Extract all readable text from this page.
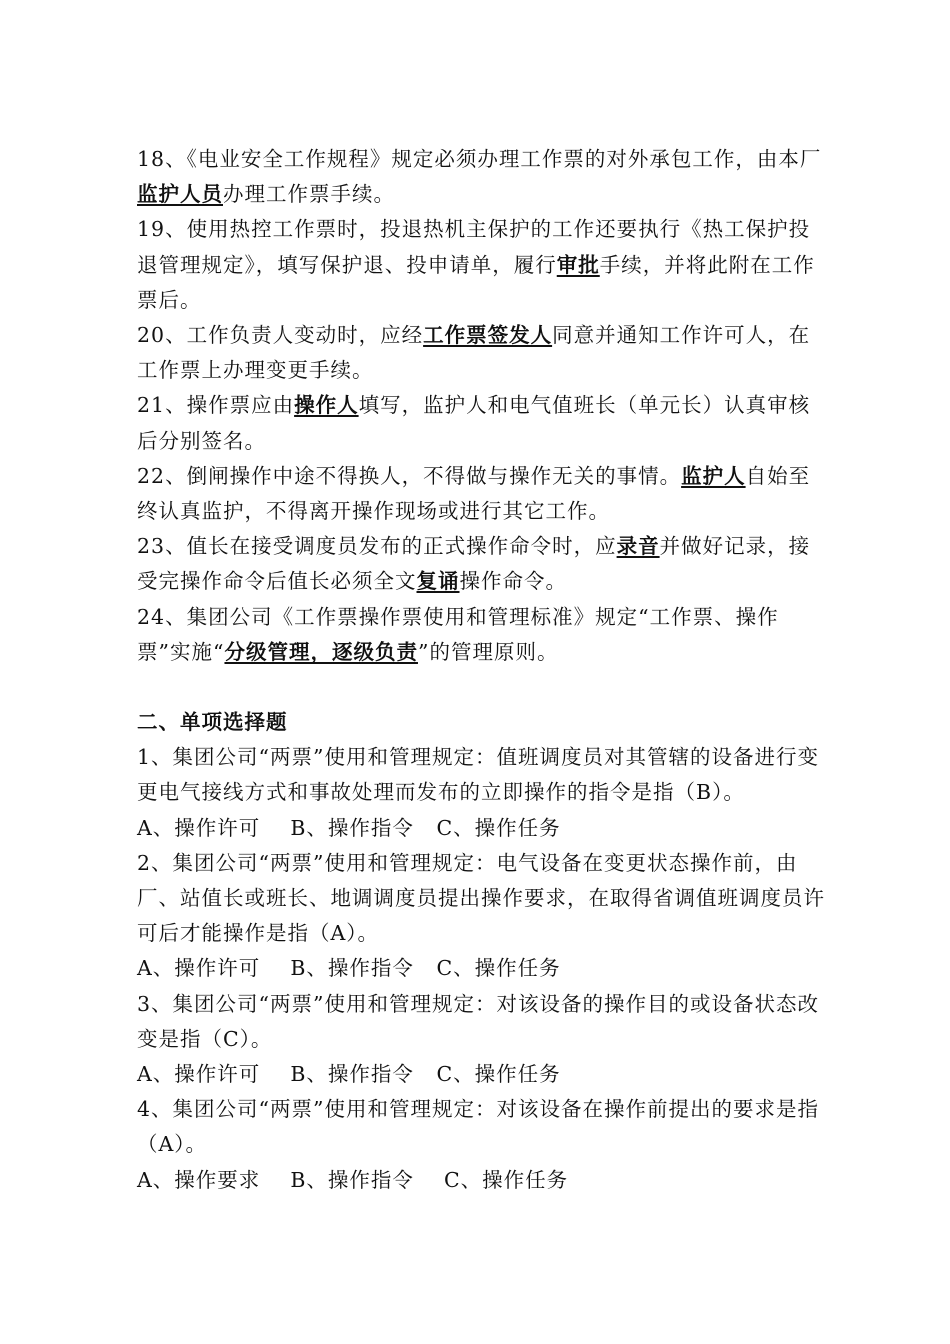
18、《电业安全工作规程》规定必须办理工作票的对外承包工作，由本厂监护人员办理工作票手续。

19、使用热控工作票时，投退热机主保护的工作还要执行《热工保护投退管理规定》，填写保护退、投申请单，履行审批手续，并将此附在工作票后。

20、工作负责人变动时，应经工作票签发人同意并通知工作许可人，在工作票上办理变更手续。

21、操作票应由操作人填写，监护人和电气值班长（单元长）认真审核后分别签名。

22、倒闸操作中途不得换人，不得做与操作无关的事情。监护人自始至终认真监护，不得离开操作现场或进行其它工作。

23、值长在接受调度员发布的正式操作命令时，应录音并做好记录，接受完操作命令后值长必须全文复诵操作命令。

24、集团公司《工作票操作票使用和管理标准》规定“工作票、操作票”实施“分级管理，逐级负责”的管理原则。

二、单项选择题

1、集团公司“两票”使用和管理规定：值班调度员对其管辖的设备进行变更电气接线方式和事故处理而发布的立即操作的指令是指（B）。

A、操作许可    B、操作指令   C、操作任务

2、集团公司“两票”使用和管理规定：电气设备在变更状态操作前，由厂、站值长或班长、地调调度员提出操作要求，在取得省调值班调度员许可后才能操作是指（A）。

A、操作许可    B、操作指令   C、操作任务

3、集团公司“两票”使用和管理规定：对该设备的操作目的或设备状态改变是指（C）。

A、操作许可    B、操作指令   C、操作任务

4、集团公司“两票”使用和管理规定：对该设备在操作前提出的要求是指（A）。

A、操作要求    B、操作指令    C、操作任务
